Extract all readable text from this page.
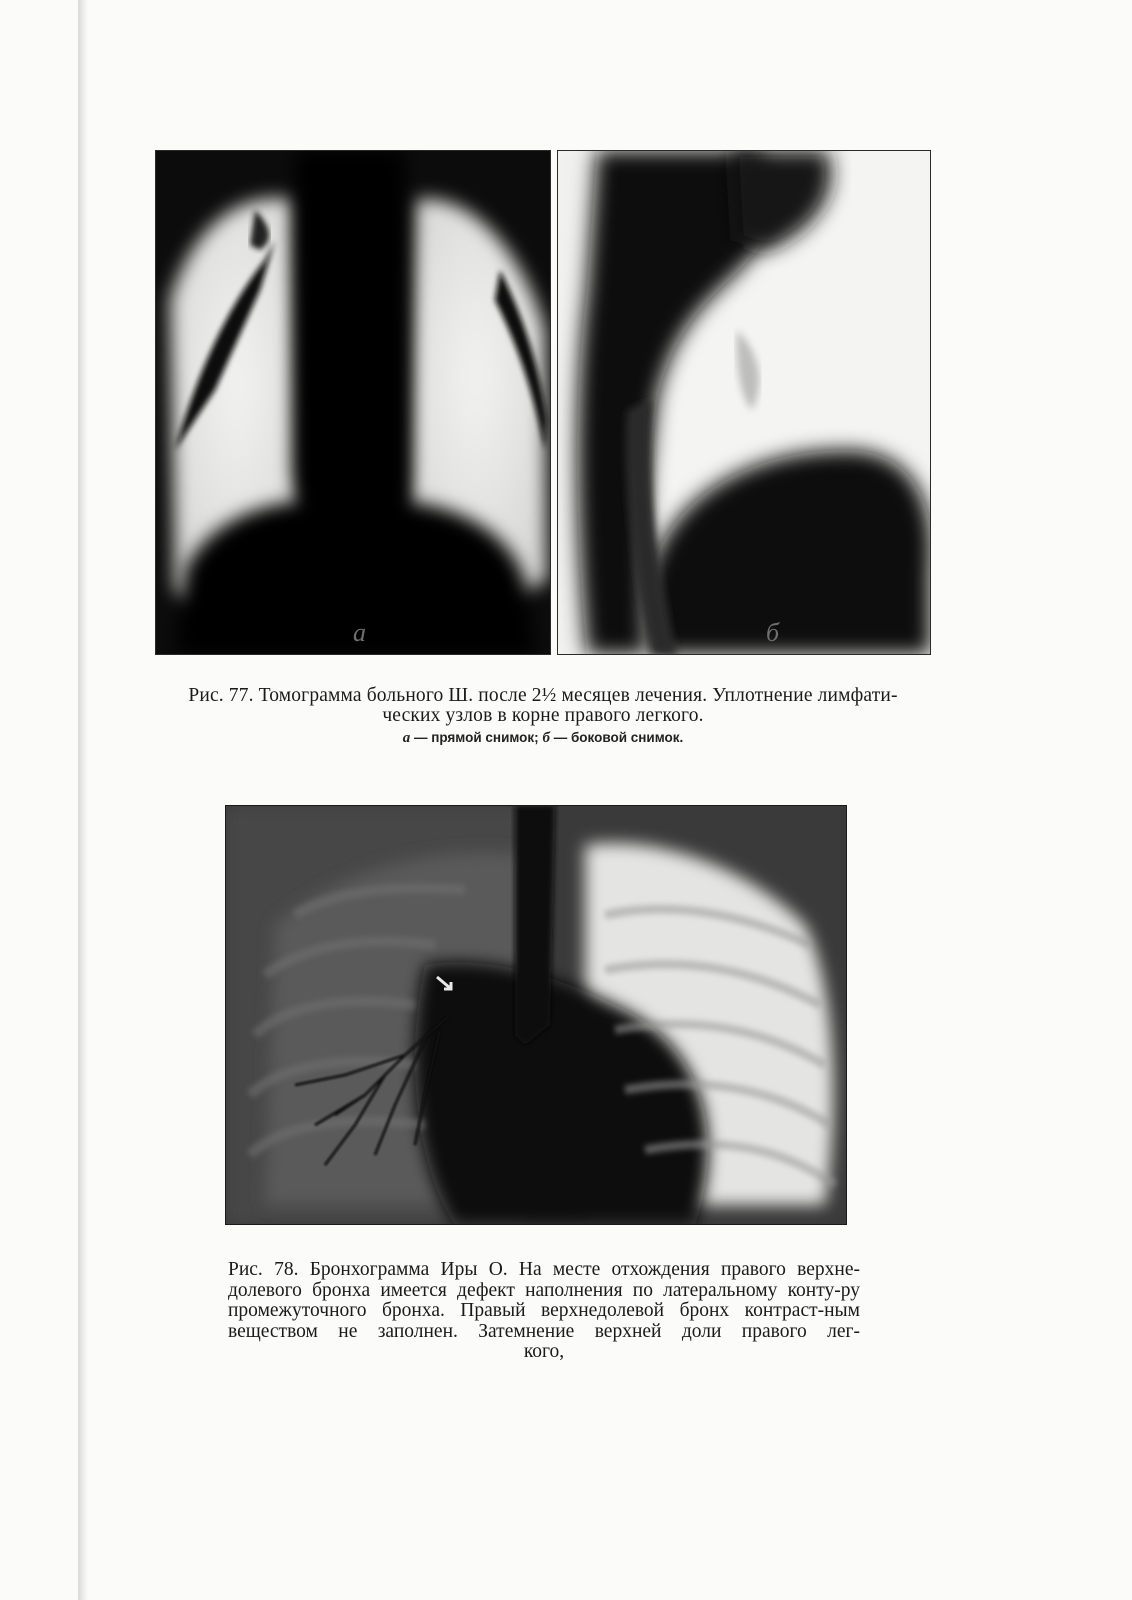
а	б
Рис. 77. Томограмма больного Ш. после 2½ месяцев лечения. Уплотнение лимфати-
ческих узлов в корне правого легкого.
а — прямой снимок; б — боковой снимок.
Рис. 78. Бронхограмма Иры О. На месте отхождения правого верхне-долевого бронха имеется дефект наполнения по латеральному конту-ру промежуточного бронха. Правый верхнедолевой бронх контраст-ным веществом не заполнен. Затемнение верхней доли правого лег-
кого,
